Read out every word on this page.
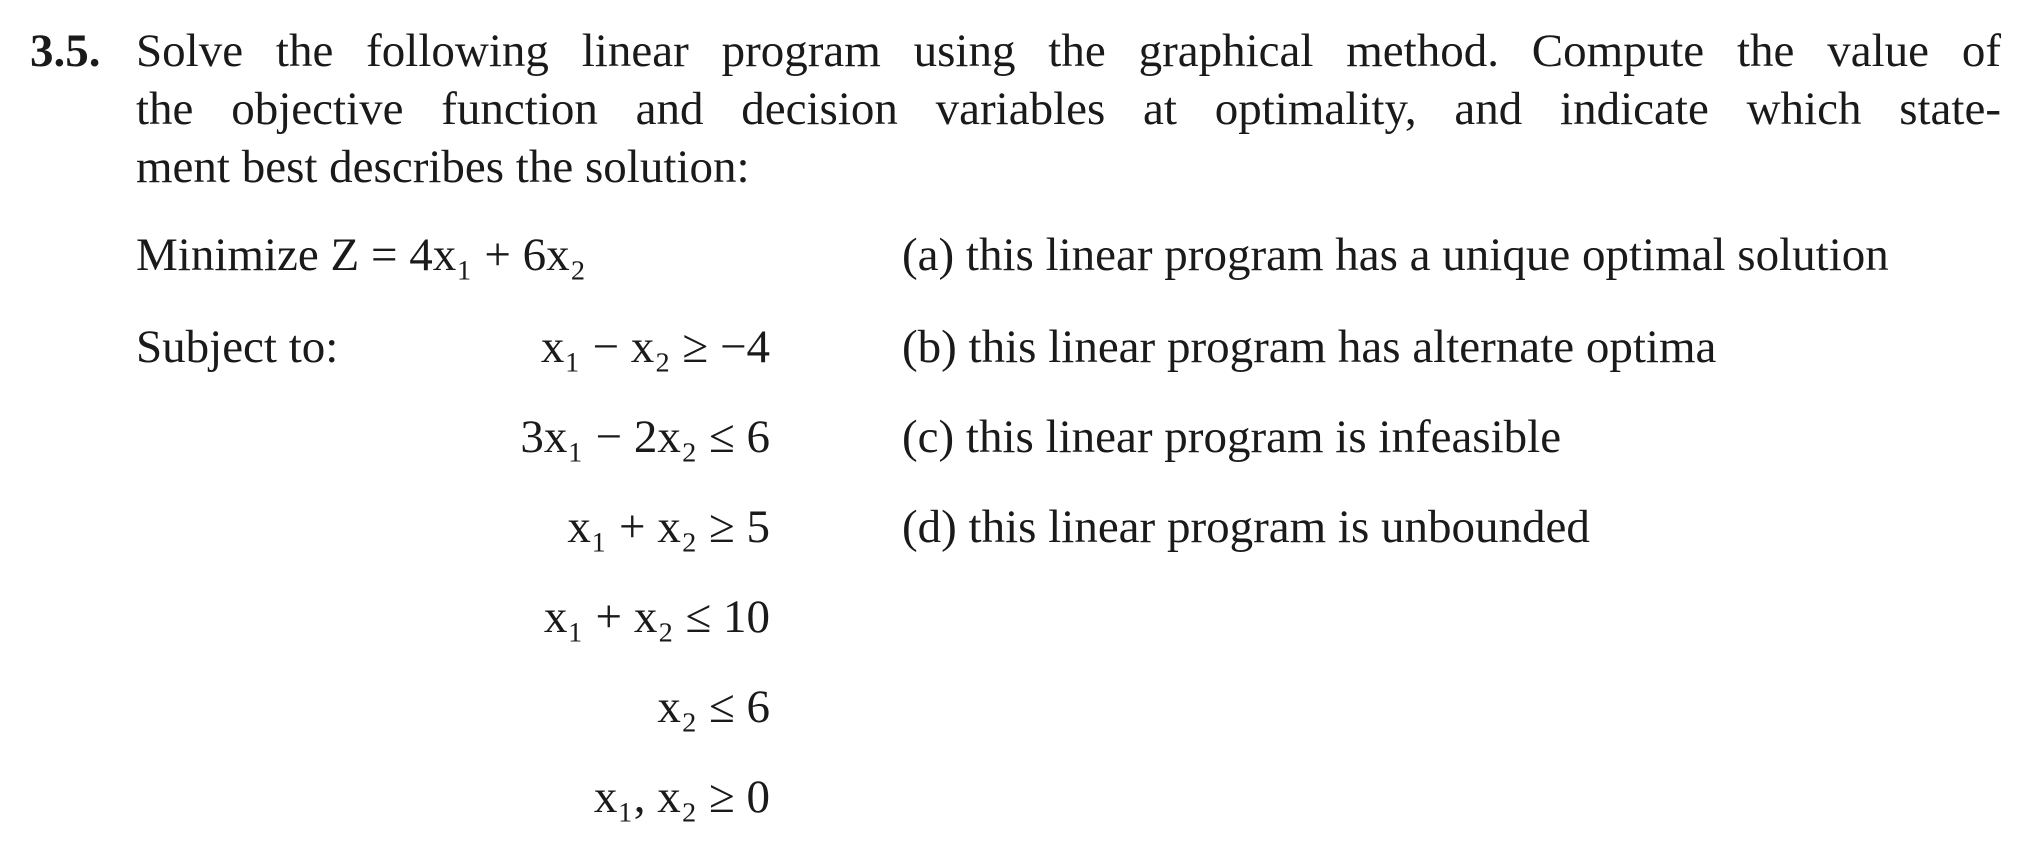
3.5. Solve the following linear program using the graphical method. Compute the value of
the objective function and decision variables at optimality, and indicate which state-
ment best describes the solution:
Minimize Z = 4x₁ + 6x₂
Subject to:	x₁ − x₂ ≥ −4
3x₁ − 2x₂ ≤ 6
x₁ + x₂ ≥ 5
x₁ + x₂ ≤ 10
x₂ ≤ 6
x₁, x₂ ≥ 0
(a) this linear program has a unique optimal solution
(b) this linear program has alternate optima
(c) this linear program is infeasible
(d) this linear program is unbounded
